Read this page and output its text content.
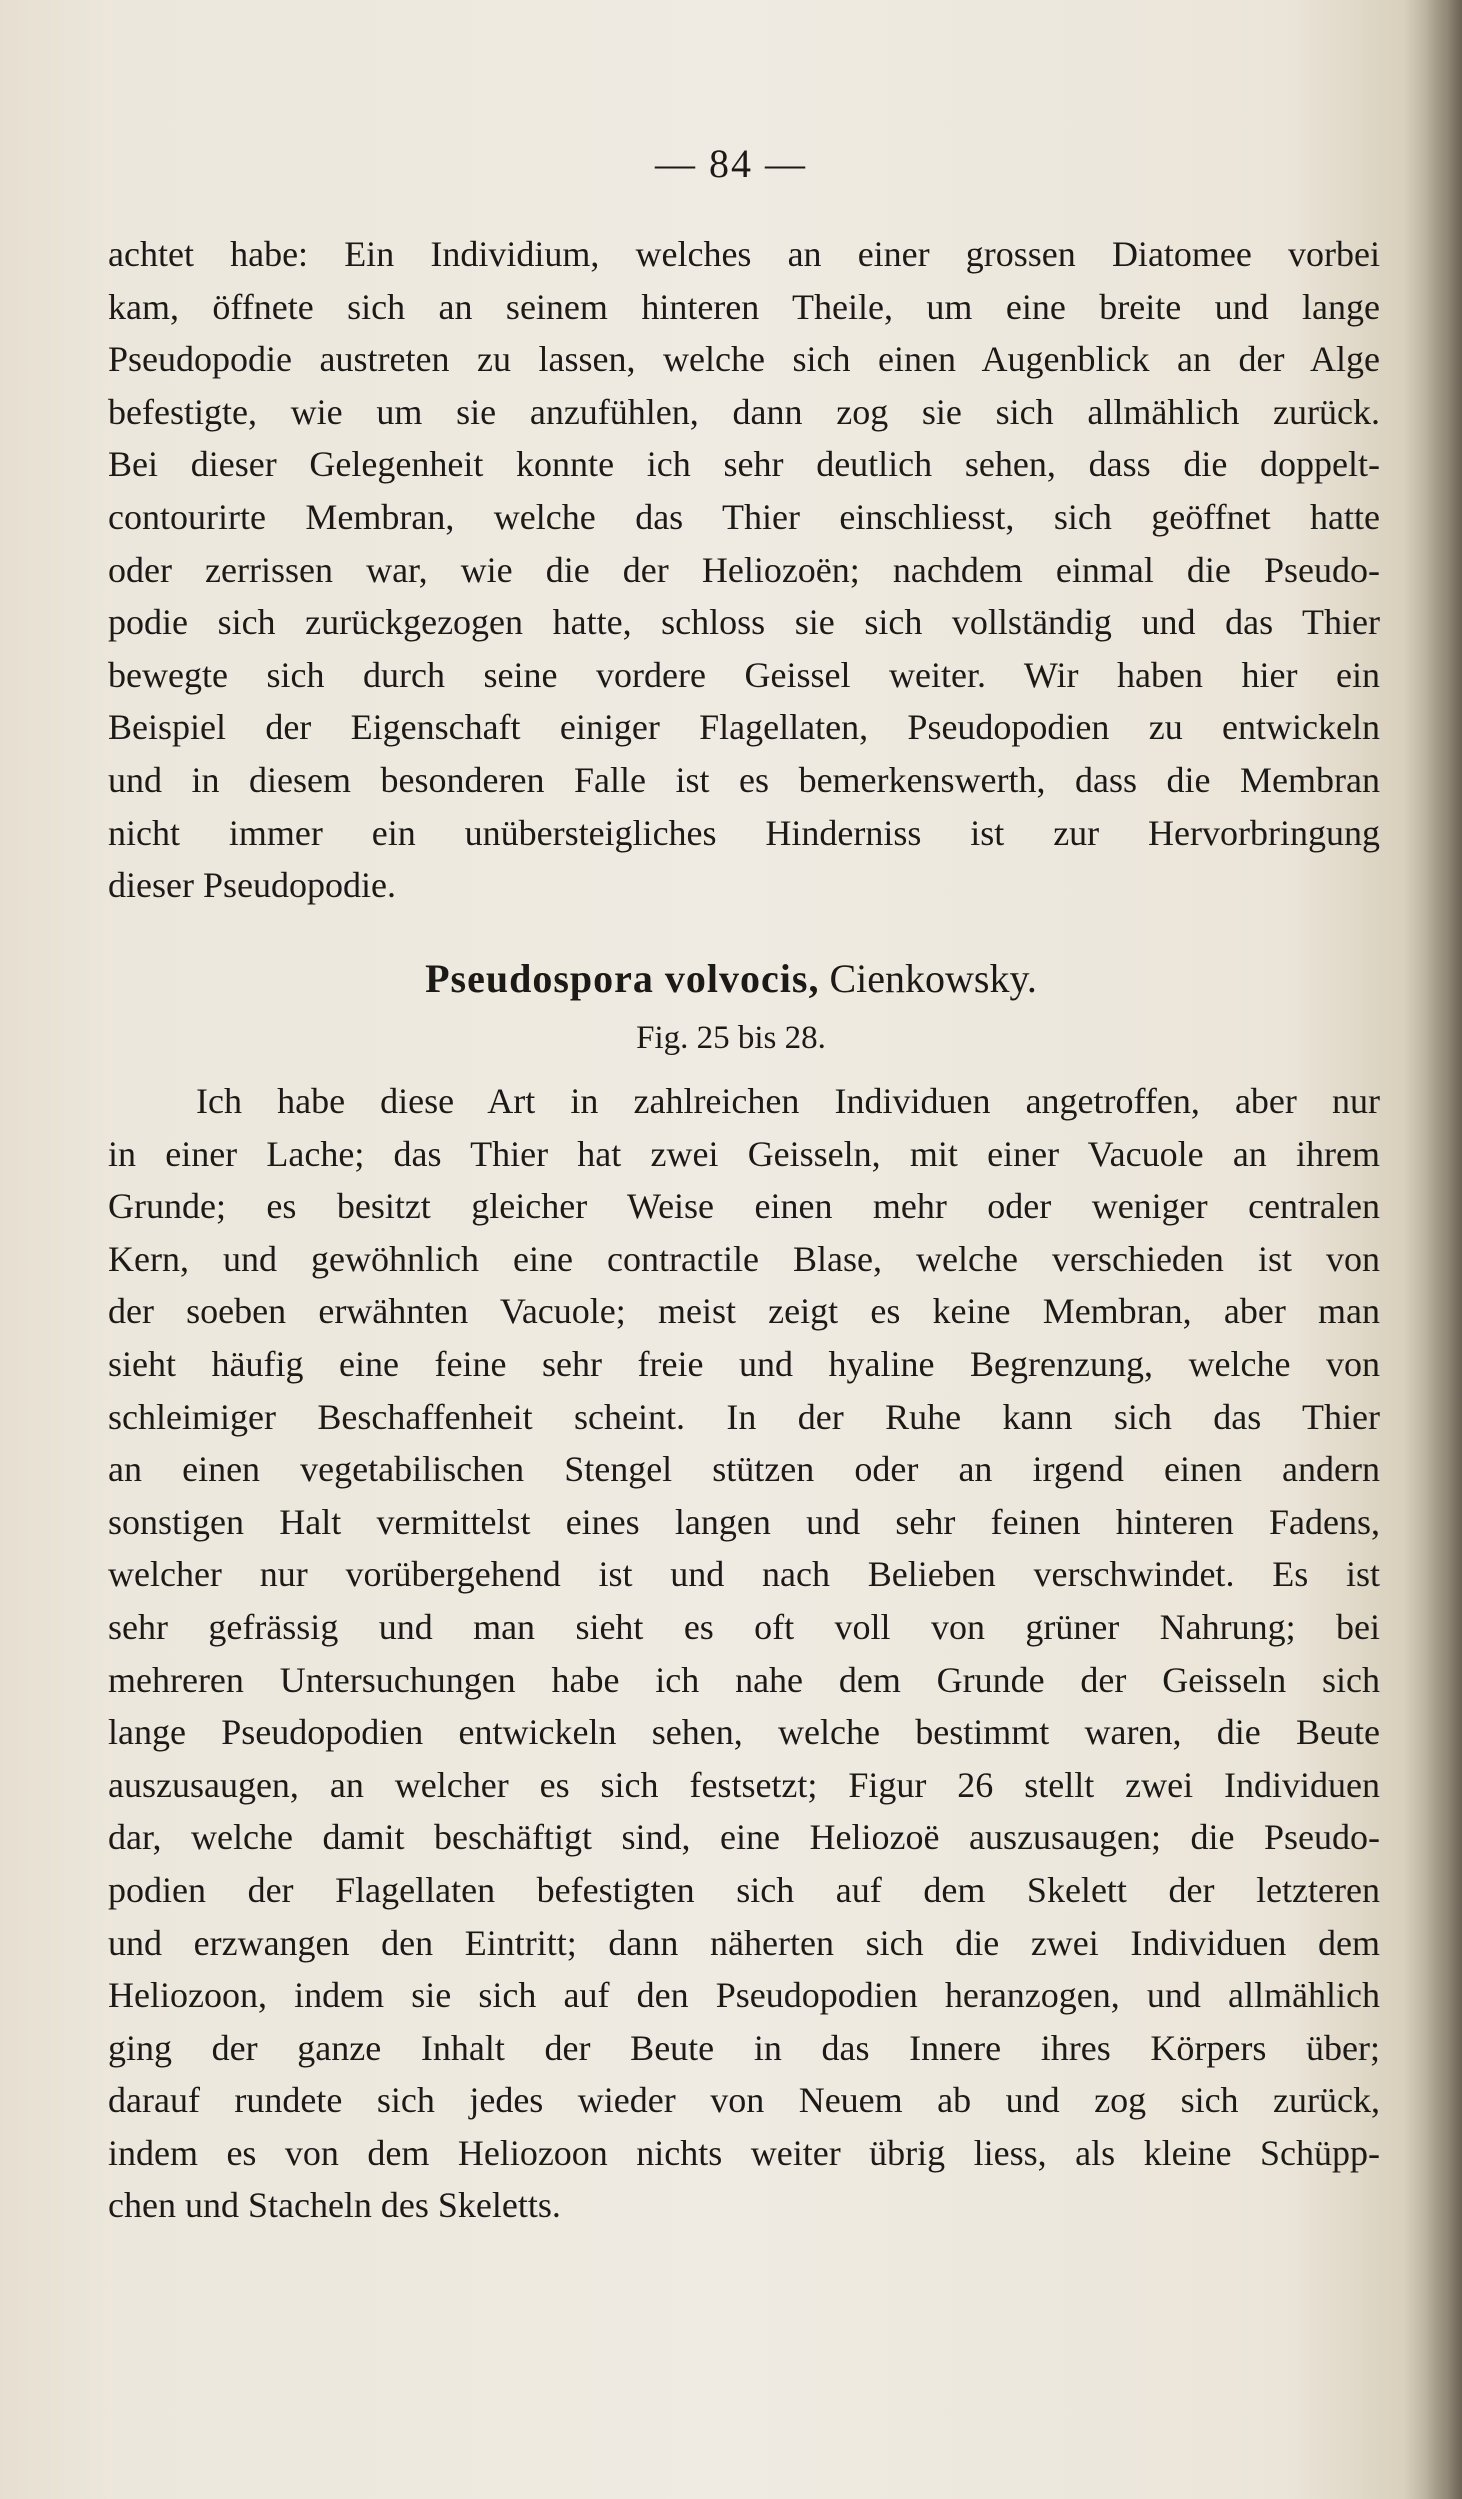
— 84 —
achtet habe: Ein Individium, welches an einer grossen Diatomee vorbei
kam, öffnete sich an seinem hinteren Theile, um eine breite und lange
Pseudopodie austreten zu lassen, welche sich einen Augenblick an der Alge
befestigte, wie um sie anzufühlen, dann zog sie sich allmählich zurück.
Bei dieser Gelegenheit konnte ich sehr deutlich sehen, dass die doppelt-
contourirte Membran, welche das Thier einschliesst, sich geöffnet hatte
oder zerrissen war, wie die der Heliozoën; nachdem einmal die Pseudo-
podie sich zurückgezogen hatte, schloss sie sich vollständig und das Thier
bewegte sich durch seine vordere Geissel weiter. Wir haben hier ein
Beispiel der Eigenschaft einiger Flagellaten, Pseudopodien zu entwickeln
und in diesem besonderen Falle ist es bemerkenswerth, dass die Membran
nicht immer ein unübersteigliches Hinderniss ist zur Hervorbringung
dieser Pseudopodie.
Pseudospora volvocis, Cienkowsky.
Fig. 25 bis 28.
Ich habe diese Art in zahlreichen Individuen angetroffen, aber nur
in einer Lache; das Thier hat zwei Geisseln, mit einer Vacuole an ihrem
Grunde; es besitzt gleicher Weise einen mehr oder weniger centralen
Kern, und gewöhnlich eine contractile Blase, welche verschieden ist von
der soeben erwähnten Vacuole; meist zeigt es keine Membran, aber man
sieht häufig eine feine sehr freie und hyaline Begrenzung, welche von
schleimiger Beschaffenheit scheint. In der Ruhe kann sich das Thier
an einen vegetabilischen Stengel stützen oder an irgend einen andern
sonstigen Halt vermittelst eines langen und sehr feinen hinteren Fadens,
welcher nur vorübergehend ist und nach Belieben verschwindet. Es ist
sehr gefrässig und man sieht es oft voll von grüner Nahrung; bei
mehreren Untersuchungen habe ich nahe dem Grunde der Geisseln sich
lange Pseudopodien entwickeln sehen, welche bestimmt waren, die Beute
auszusaugen, an welcher es sich festsetzt; Figur 26 stellt zwei Individuen
dar, welche damit beschäftigt sind, eine Heliozoë auszusaugen; die Pseudo-
podien der Flagellaten befestigten sich auf dem Skelett der letzteren
und erzwangen den Eintritt; dann näherten sich die zwei Individuen dem
Heliozoon, indem sie sich auf den Pseudopodien heranzogen, und allmählich
ging der ganze Inhalt der Beute in das Innere ihres Körpers über;
darauf rundete sich jedes wieder von Neuem ab und zog sich zurück,
indem es von dem Heliozoon nichts weiter übrig liess, als kleine Schüpp-
chen und Stacheln des Skeletts.
